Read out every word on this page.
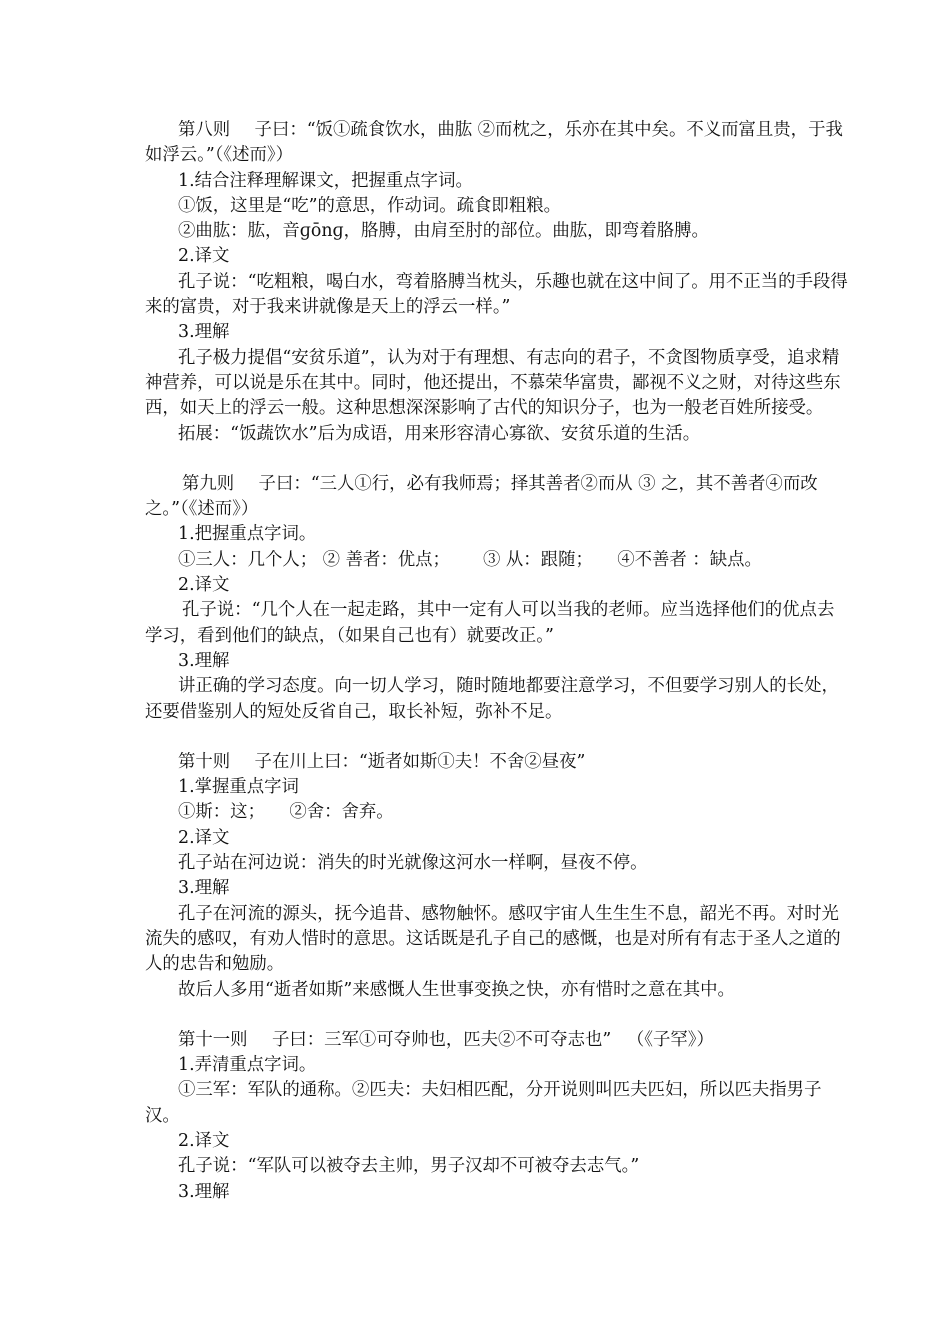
第八则 子曰：“饭①疏食饮水，曲肱 ②而枕之，乐亦在其中矣。不义而富且贵，于我如浮云。”（《述而》）

1.结合注释理解课文，把握重点字词。

①饭，这里是“吃”的意思，作动词。疏食即粗粮。

②曲肱：肱，音ɡōnɡ，胳膊，由肩至肘的部位。曲肱，即弯着胳膊。

2.译文

孔子说：“吃粗粮，喝白水，弯着胳膊当枕头，乐趣也就在这中间了。用不正当的手段得来的富贵，对于我来讲就像是天上的浮云一样。”

3.理解

孔子极力提倡“安贫乐道”，认为对于有理想、有志向的君子，不贪图物质享受，追求精神营养，可以说是乐在其中。同时，他还提出，不慕荣华富贵，鄙视不义之财，对待这些东西，如天上的浮云一般。这种思想深深影响了古代的知识分子，也为一般老百姓所接受。

拓展：“饭蔬饮水”后为成语，用来形容清心寡欲、安贫乐道的生活。

第九则 子曰：“三人①行，必有我师焉；择其善者②而从 ③ 之，其不善者④而改之。”（《述而》）

1.把握重点字词。

①三人：几个人； ② 善者：优点； ③ 从：跟随； ④不善者 ：缺点。

2.译文

孔子说：“几个人在一起走路，其中一定有人可以当我的老师。应当选择他们的优点去学习，看到他们的缺点，（如果自己也有）就要改正。”

3.理解

讲正确的学习态度。向一切人学习，随时随地都要注意学习，不但要学习别人的长处，还要借鉴别人的短处反省自己，取长补短，弥补不足。

第十则 子在川上曰：“逝者如斯①夫！不舍②昼夜”

1.掌握重点字词

①斯：这； ②舍：舍弃。

2.译文

孔子站在河边说：消失的时光就像这河水一样啊，昼夜不停。

3.理解

孔子在河流的源头，抚今追昔、感物触怀。感叹宇宙人生生生不息，韶光不再。对时光流失的感叹，有劝人惜时的意思。这话既是孔子自己的感慨，也是对所有有志于圣人之道的人的忠告和勉励。

故后人多用“逝者如斯”来感慨人生世事变换之快，亦有惜时之意在其中。

第十一则 子曰：三军①可夺帅也，匹夫②不可夺志也” （《子罕》）

1.弄清重点字词。

①三军：军队的通称。②匹夫：夫妇相匹配，分开说则叫匹夫匹妇，所以匹夫指男子汉。

2.译文

孔子说：“军队可以被夺去主帅，男子汉却不可被夺去志气。”

3.理解
